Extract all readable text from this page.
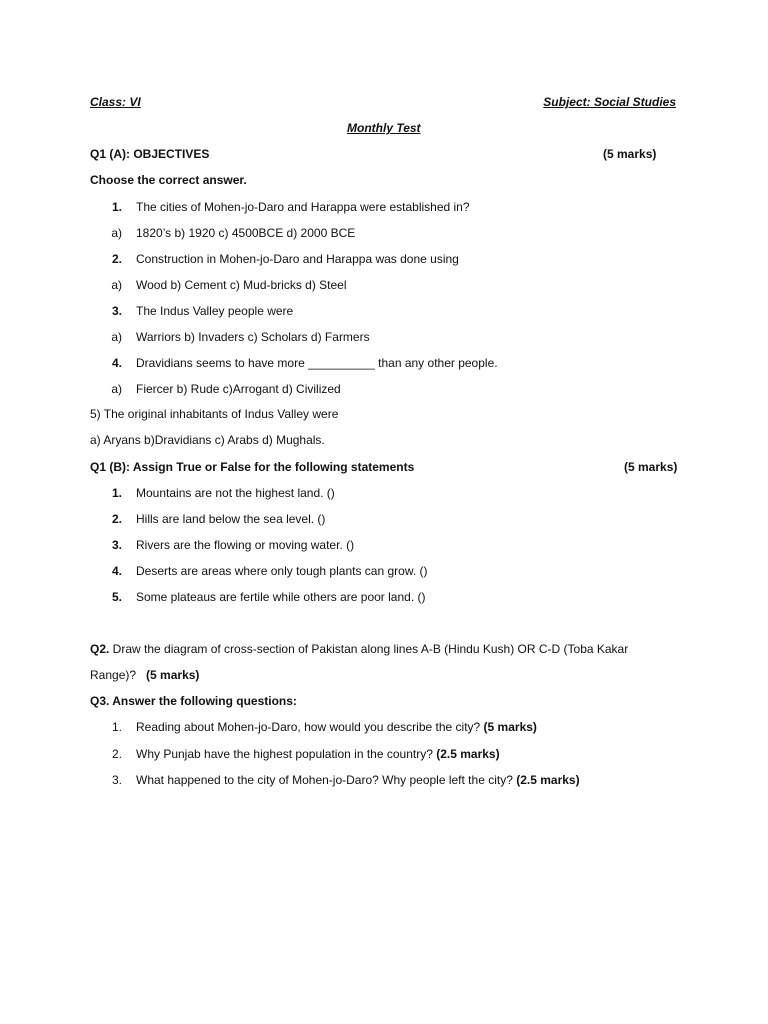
Class: VI	Subject: Social Studies
Monthly Test
Q1 (A): OBJECTIVES	(5 marks)
Choose the correct answer.
1. The cities of Mohen-jo-Daro and Harappa were established in?
a) 1820’s b) 1920 c) 4500BCE d) 2000 BCE
2. Construction in Mohen-jo-Daro and Harappa was done using
a) Wood b) Cement c) Mud-bricks d) Steel
3. The Indus Valley people were
a) Warriors b) Invaders c) Scholars d) Farmers
4. Dravidians seems to have more __________ than any other people.
a) Fiercer b) Rude c)Arrogant d) Civilized
5) The original inhabitants of Indus Valley were
a) Aryans b)Dravidians c) Arabs d) Mughals.
Q1 (B): Assign True or False for the following statements	(5 marks)
1. Mountains are not the highest land. ()
2. Hills are land below the sea level. ()
3. Rivers are the flowing or moving water. ()
4. Deserts are areas where only tough plants can grow. ()
5. Some plateaus are fertile while others are poor land. ()
Q2. Draw the diagram of cross-section of Pakistan along lines A-B (Hindu Kush) OR C-D (Toba Kakar
Range)? (5 marks)
Q3. Answer the following questions:
1. Reading about Mohen-jo-Daro, how would you describe the city? (5 marks)
2. Why Punjab have the highest population in the country? (2.5 marks)
3. What happened to the city of Mohen-jo-Daro? Why people left the city? (2.5 marks)
